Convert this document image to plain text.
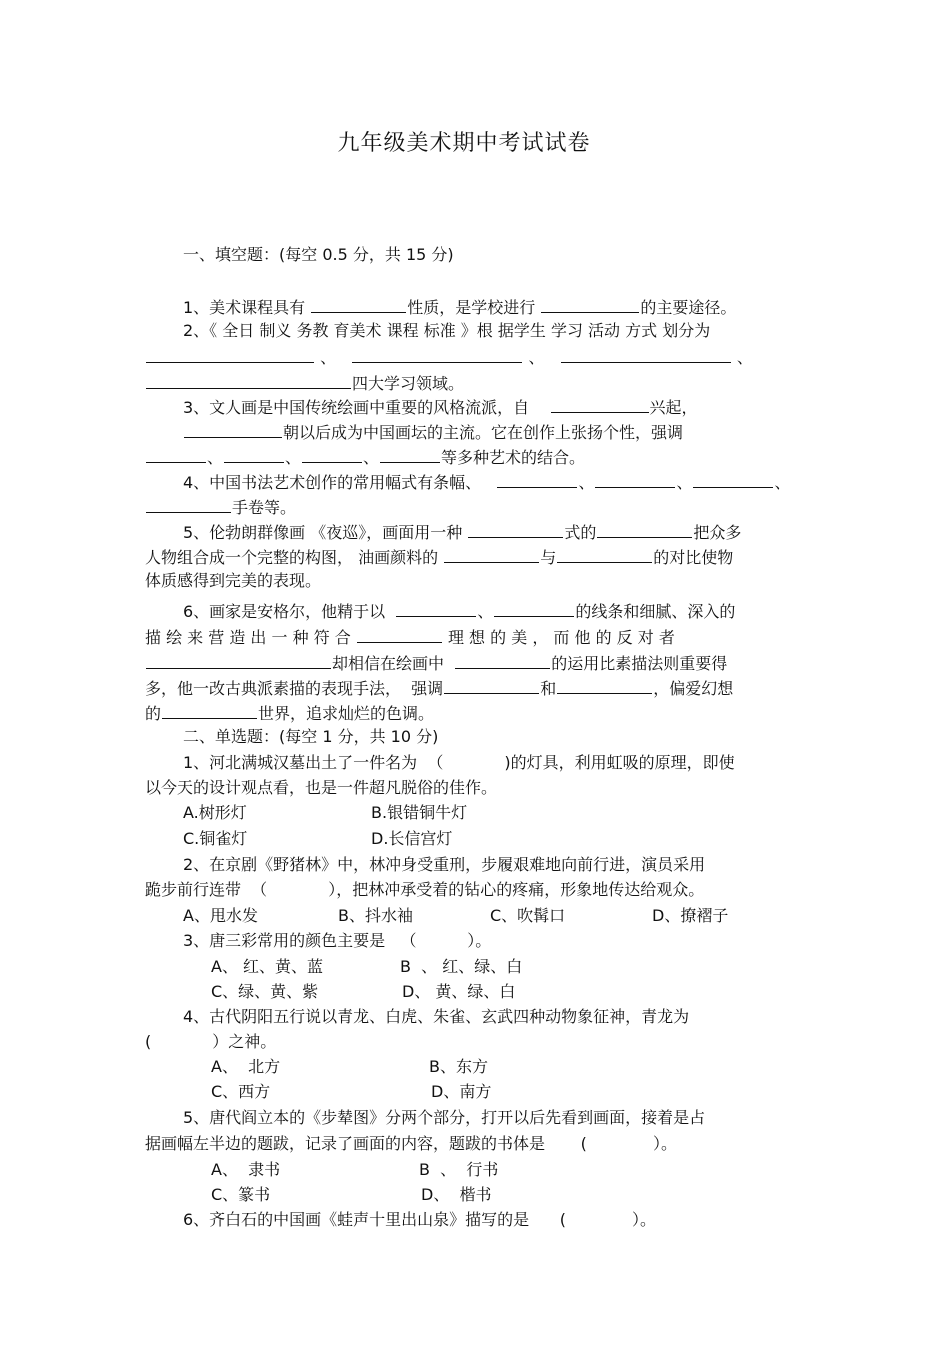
九年级美术期中考试试卷
一、填空题：(每空 0.5 分，共 15 分)
1、美术课程具有	性质，是学校进行	的主要途径。
2、《 全日 制义 务教 育美术 课程 标准 》根 据学生 学习 活动 方式 划分为
、	、	、
四大学习领域。
3、文人画是中国传统绘画中重要的风格流派，自	兴起，
朝以后成为中国画坛的主流。它在创作上张扬个性，强调
、	、	、	等多种艺术的结合。
4、中国书法艺术创作的常用幅式有条幅、	、	、	、
手卷等。
5、伦勃朗群像画 《夜巡》，画面用一种	式的	把众多
人物组合成一个完整的构图， 油画颜料的	与	的对比使物
体质感得到完美的表现。
6、画家是安格尔，他精于以	、	的线条和细腻、深入的
描 绘 来 营 造 出 一 种 符 合	理 想 的 美 ， 而 他 的 反 对 者
却相信在绘画中	的运用比素描法则重要得
多，他一改古典派素描的表现手法，  强调	和	，偏爱幻想
的	世界，追求灿烂的色调。
二、单选题：(每空 1 分，共 10 分)
1、河北满城汉墓出土了一件名为  （            )的灯具，利用虹吸的原理，即使
以今天的设计观点看，也是一件超凡脱俗的佳作。
A.树形灯	B.银错铜牛灯
C.铜雀灯	D.长信宫灯
2、在京剧《野猪林》中，林冲身受重刑，步履艰难地向前行进，演员采用
跪步前行连带  （            ），把林冲承受着的钻心的疼痛，形象地传达给观众。
A、甩水发	B、抖水袖	C、吹髯口	D、撩褶子
3、唐三彩常用的颜色主要是   （          ）。
A、 红、黄、蓝	B  、 红、绿、白
C、绿、黄、紫	D、 黄、绿、白
4、古代阴阳五行说以青龙、白虎、朱雀、玄武四种动物象征神，青龙为
(            ）之神。
A、  北方	B、东方
C、西方	D、南方
5、唐代阎立本的《步辇图》分两个部分，打开以后先看到画面，接着是占
据画幅左半边的题跋，记录了画面的内容，题跋的书体是       (             ）。
A、  隶书	B  、  行书
C、篆书	D、  楷书
6、齐白石的中国画《蛙声十里出山泉》描写的是      (             ）。
